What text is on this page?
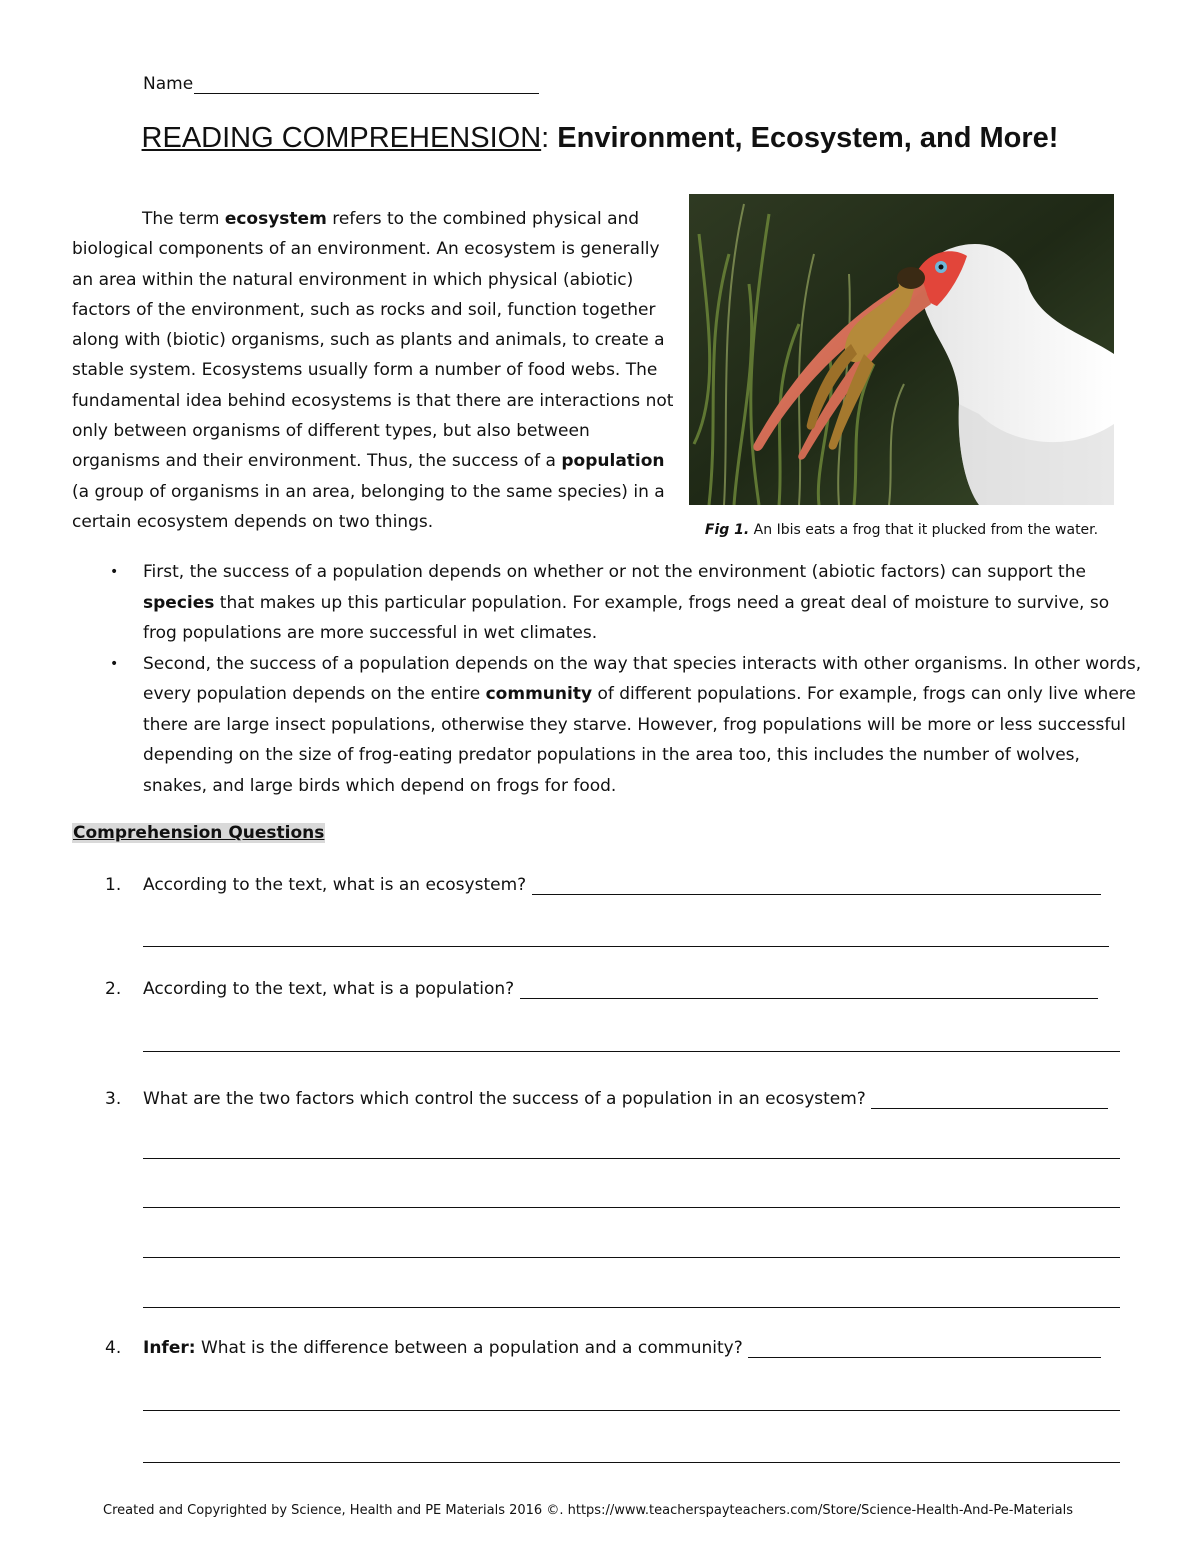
Name
READING COMPREHENSION: Environment, Ecosystem, and More!

The term ecosystem refers to the combined physical and biological components of an environment. An ecosystem is generally an area within the natural environment in which physical (abiotic) factors of the environment, such as rocks and soil, function together along with (biotic) organisms, such as plants and animals, to create a stable system. Ecosystems usually form a number of food webs. The fundamental idea behind ecosystems is that there are interactions not only between organisms of different types, but also between organisms and their environment. Thus, the success of a population (a group of organisms in an area, belonging to the same species) in a certain ecosystem depends on two things.	Fig 1. An Ibis eats a frog that it plucked from the water.
• First, the success of a population depends on whether or not the environment (abiotic factors) can support the species that makes up this particular population. For example, frogs need a great deal of moisture to survive, so frog populations are more successful in wet climates.
• Second, the success of a population depends on the way that species interacts with other organisms. In other words, every population depends on the entire community of different populations. For example, frogs can only live where there are large insect populations, otherwise they starve. However, frog populations will be more or less successful depending on the size of frog-eating predator populations in the area too, this includes the number of wolves, snakes, and large birds which depend on frogs for food.
Comprehension Questions
1. According to the text, what is an ecosystem?
2. According to the text, what is a population?
3. What are the two factors which control the success of a population in an ecosystem?
4. Infer: What is the difference between a population and a community?
Created and Copyrighted by Science, Health and PE Materials 2016 ©. https://www.teacherspayteachers.com/Store/Science-Health-And-Pe-Materials
